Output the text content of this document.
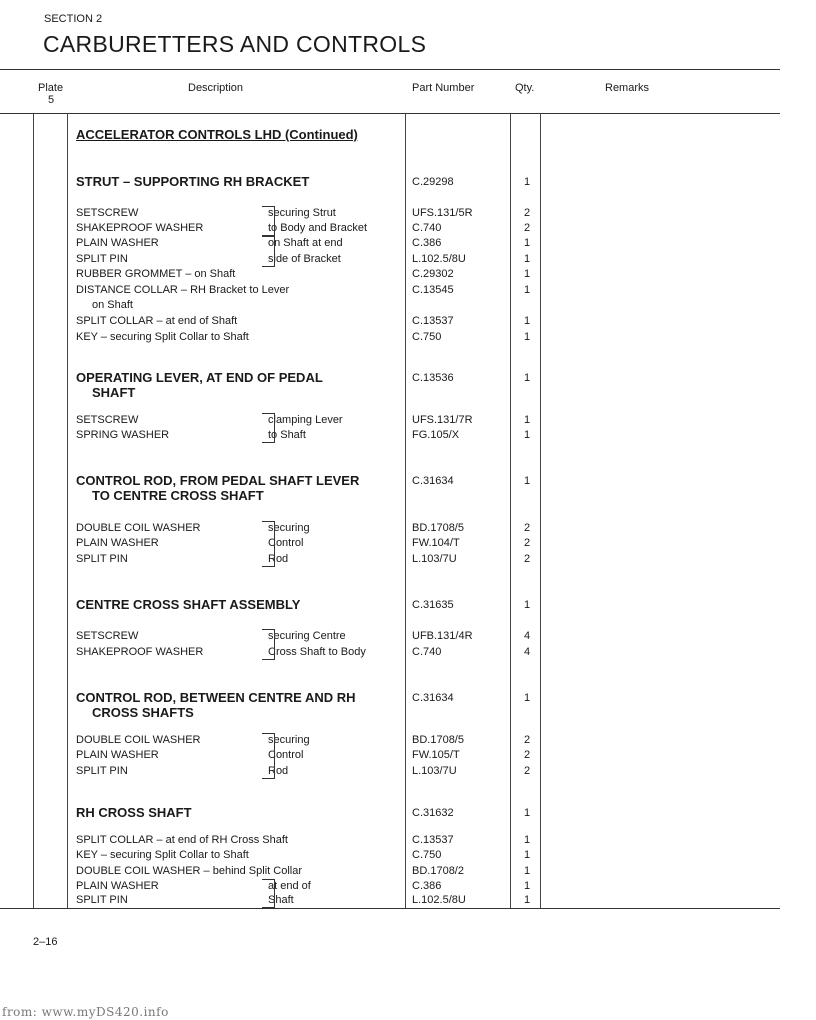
SECTION 2
CARBURETTERS AND CONTROLS
Plate
5
Description	Part Number	Qty.	Remarks
ACCELERATOR CONTROLS LHD (Continued)
STRUT – SUPPORTING RH BRACKET	C.29298	1
SETSCREW	securing Strut	UFS.131/5R	2
SHAKEPROOF WASHER	to Body and Bracket	C.740	2
PLAIN WASHER	on Shaft at end	C.386	1
SPLIT PIN	side of Bracket	L.102.5/8U	1
RUBBER GROMMET – on Shaft	C.29302	1
DISTANCE COLLAR – RH Bracket to Lever	C.13545	1
on Shaft
SPLIT COLLAR – at end of Shaft	C.13537	1
KEY – securing Split Collar to Shaft	C.750	1
OPERATING LEVER, AT END OF PEDAL	C.13536	1
SHAFT
SETSCREW	clamping Lever	UFS.131/7R	1
SPRING WASHER	to Shaft	FG.105/X	1
CONTROL ROD, FROM PEDAL SHAFT LEVER	C.31634	1
TO CENTRE CROSS SHAFT
DOUBLE COIL WASHER	securing	BD.1708/5	2
PLAIN WASHER	Control	FW.104/T	2
SPLIT PIN	Rod	L.103/7U	2
CENTRE CROSS SHAFT ASSEMBLY	C.31635	1
SETSCREW	securing Centre	UFB.131/4R	4
SHAKEPROOF WASHER	Cross Shaft to Body	C.740	4
CONTROL ROD, BETWEEN CENTRE AND RH	C.31634	1
CROSS SHAFTS
DOUBLE COIL WASHER	securing	BD.1708/5	2
PLAIN WASHER	Control	FW.105/T	2
SPLIT PIN	Rod	L.103/7U	2
RH CROSS SHAFT	C.31632	1
SPLIT COLLAR – at end of RH Cross Shaft	C.13537	1
KEY – securing Split Collar to Shaft	C.750	1
DOUBLE COIL WASHER – behind Split Collar	BD.1708/2	1
PLAIN WASHER	at end of	C.386	1
SPLIT PIN	Shaft	L.102.5/8U	1
2–16
from: www.myDS420.info
